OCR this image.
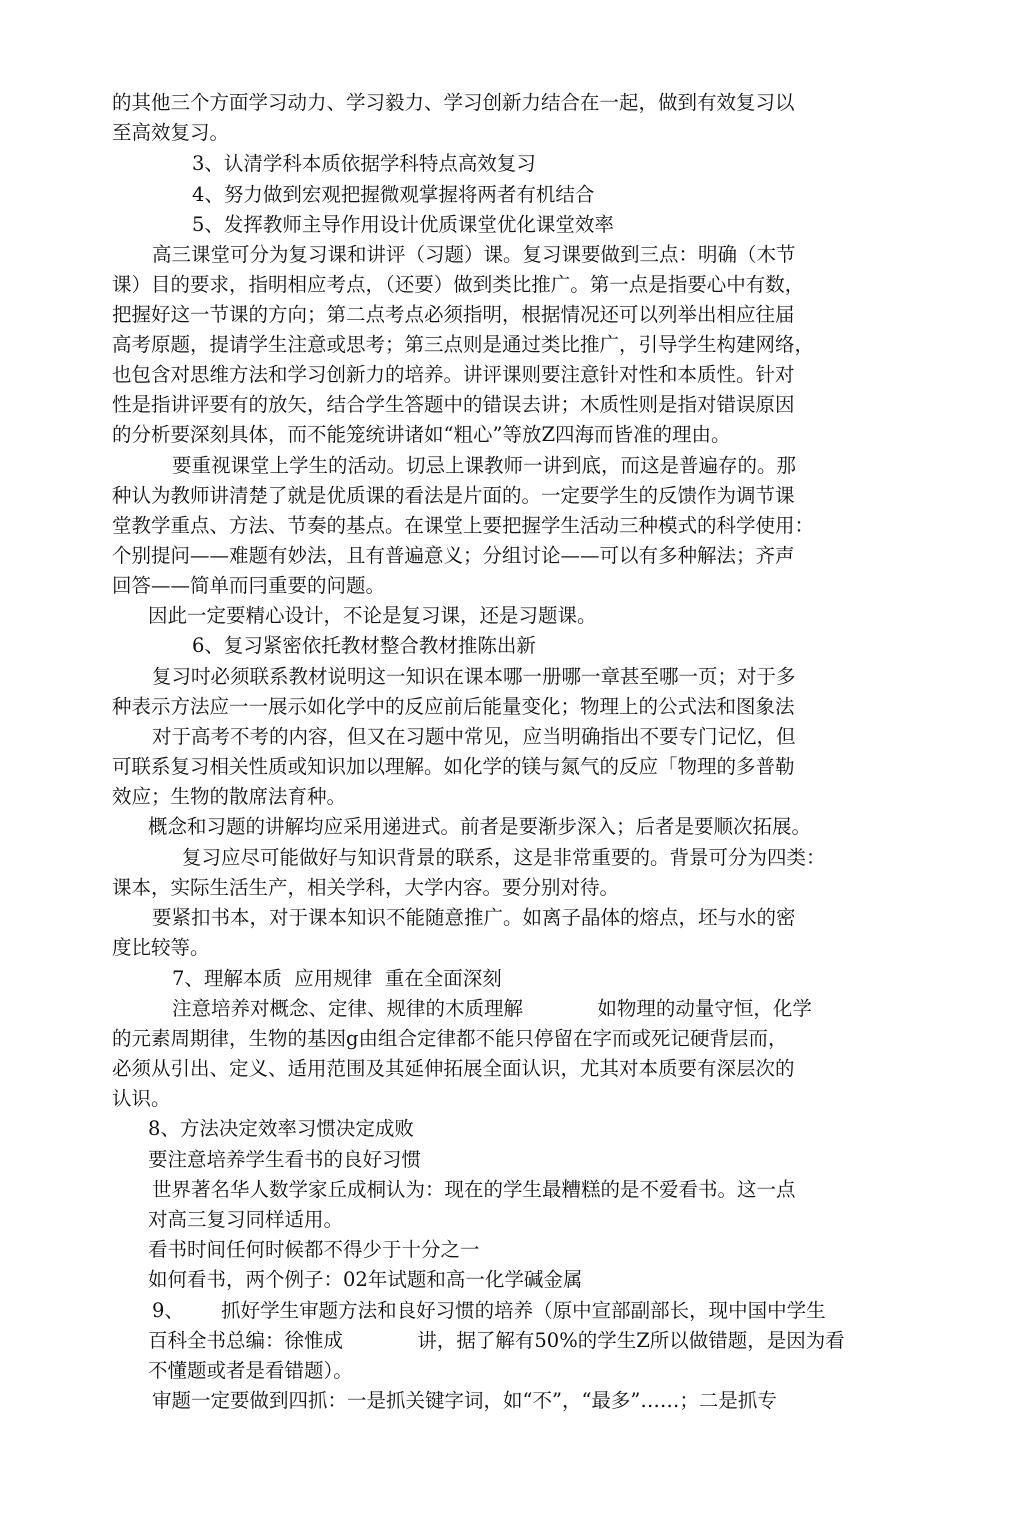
的其他三个方面学习动力、学习毅力、学习创新力结合在一起，做到有效复习以
至高效复习。
3、认清学科本质依据学科特点高效复习
4、努力做到宏观把握微观掌握将两者有机结合
5、发挥教师主导作用设计优质课堂优化课堂效率
高三课堂可分为复习课和讲评（习题）课。复习课要做到三点：明确（木节
课）目的要求，指明相应考点，（还要）做到类比推广。第一点是指要心中有数，
把握好这一节课的方向；第二点考点必须指明，根据情况还可以列举出相应往届
高考原题，提请学生注意或思考；第三点则是通过类比推广，引导学生构建网络，
也包含对思维方法和学习创新力的培养。讲评课则要注意针对性和本质性。针对
性是指讲评要有的放矢，结合学生答题中的错误去讲；木质性则是指对错误原因
的分析要深刻具体，而不能笼统讲诸如“粗心”等放Z四海而皆准的理由。
要重视课堂上学生的活动。切忌上课教师一讲到底，而这是普遍存的。那
种认为教师讲清楚了就是优质课的看法是片面的。一定要学生的反馈作为调节课
堂教学重点、方法、节奏的基点。在课堂上要把握学生活动三种模式的科学使用：
个别提问——难题有妙法，且有普遍意义；分组讨论——可以有多种解法；齐声
回答——简单而冃重要的问题。
因此一定要精心设计，不论是复习课，还是习题课。
6、复习紧密依托教材整合教材推陈出新
复习吋必须联系教材说明这一知识在课本哪一册哪一章甚至哪一页；对于多
种表示方法应一一展示如化学中的反应前后能量变化；物理上的公式法和图象法
对于高考不考的内容，但又在习题中常见，应当明确指出不要专门记忆，但
可联系复习相关性质或知识加以理解。如化学的镁与氮气的反应「物理的多普勒
效应；生物的散席法育种。
概念和习题的讲解均应采用递进式。前者是要渐步深入；后者是要顺次拓展。
复习应尽可能做好与知识背景的联系，这是非常重要的。背景可分为四类：
课本，实际生活生产，相关学科，大学内容。要分别对待。
要紧扣书本，对于课本知识不能随意推广。如离子晶体的熔点，坯与水的密
度比较等。
7、理解本质  应用规律  重在全面深刻
注意培养对概念、定律、规律的木质理解            如物理的动量守恒，化学
的元素周期律，生物的基因g由组合定律都不能只停留在字而或死记硬背层而，
必须从引出、定义、适用范围及其延伸拓展全面认识，尤其对本质要有深层次的
认识。
8、方法决定效率习惯决定成败
要注意培养学生看书的良好习惯
世界著名华人数学家丘成桐认为：现在的学生最糟糕的是不爱看书。这一点
对高三复习同样适用。
看书时间任何时候都不得少于十分之一
如何看书，两个例子：02年试题和高一化学碱金属
9、      抓好学生审题方法和良好习惯的培养（原中宣部副部长，现中国中学生
百科全书总编：徐惟成            讲，据了解有50%的学生Z所以做错题，是因为看
不懂题或者是看错题）。
审题一定要做到四抓：一是抓关键字词，如“不”，“最多”……；二是抓专
